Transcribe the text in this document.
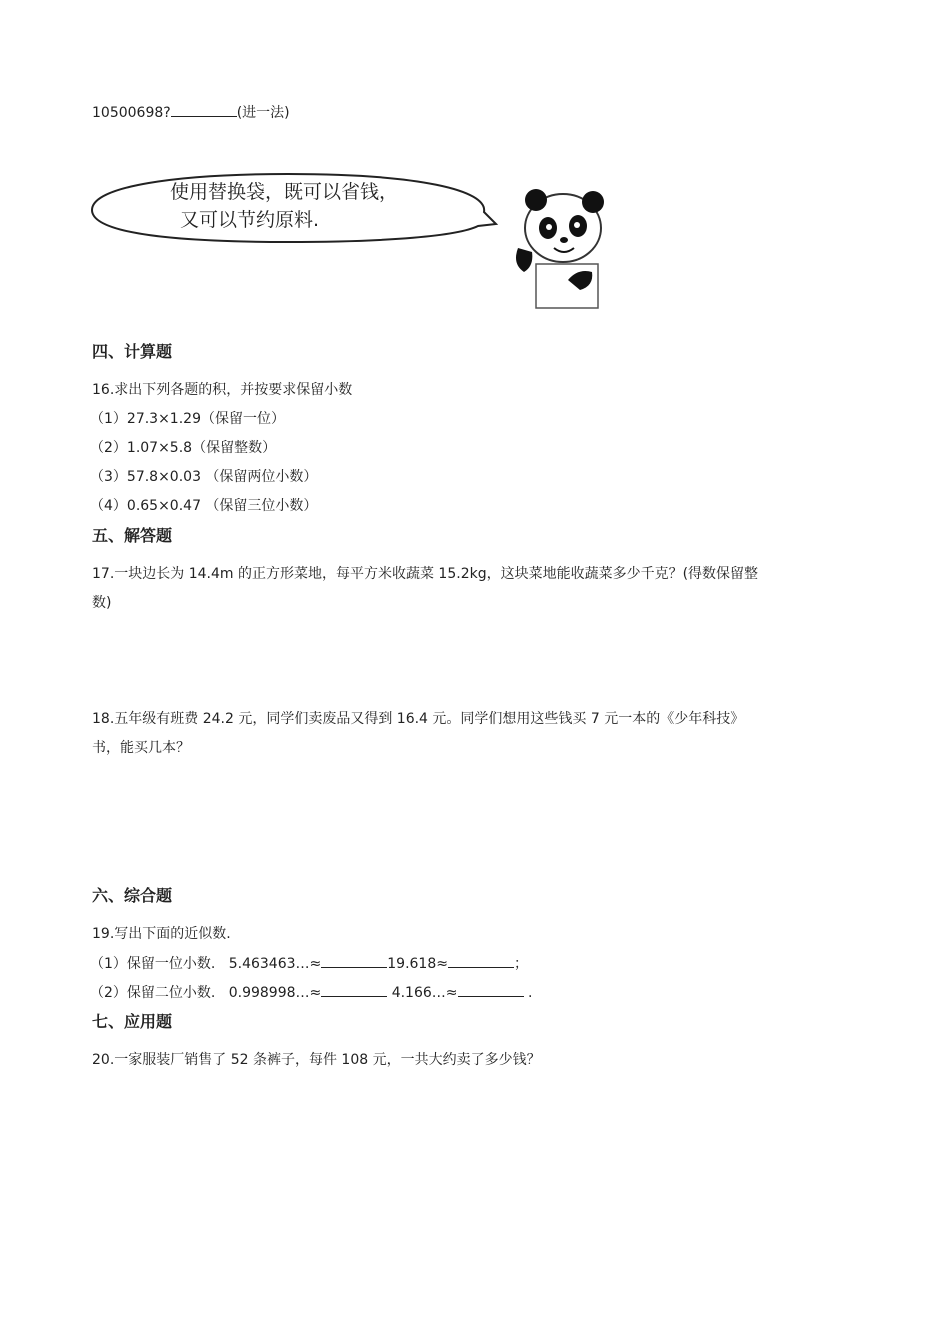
10500698?	(进一法)
使用替换袋，既可以省钱，
又可以节约原料.
四、计算题
16.求出下列各题的积，并按要求保留小数
（1）27.3×1.29（保留一位）
（2）1.07×5.8（保留整数）
（3）57.8×0.03 （保留两位小数）
（4）0.65×0.47 （保留三位小数）
五、解答题
17.一块边长为 14.4m 的正方形菜地，每平方米收蔬菜 15.2kg，这块菜地能收蔬菜多少千克？(得数保留整
数)
18.五年级有班费 24.2 元，同学们卖废品又得到 16.4 元。同学们想用这些钱买 7 元一本的《少年科技》
书，能买几本？
六、综合题
19.写出下面的近似数.
（1）保留一位小数. 5.463463…≈	19.618≈	；
（2）保留二位小数. 0.998998…≈	4.166…≈	.
七、应用题
20.一家服装厂销售了 52 条裤子，每件 108 元，一共大约卖了多少钱？
